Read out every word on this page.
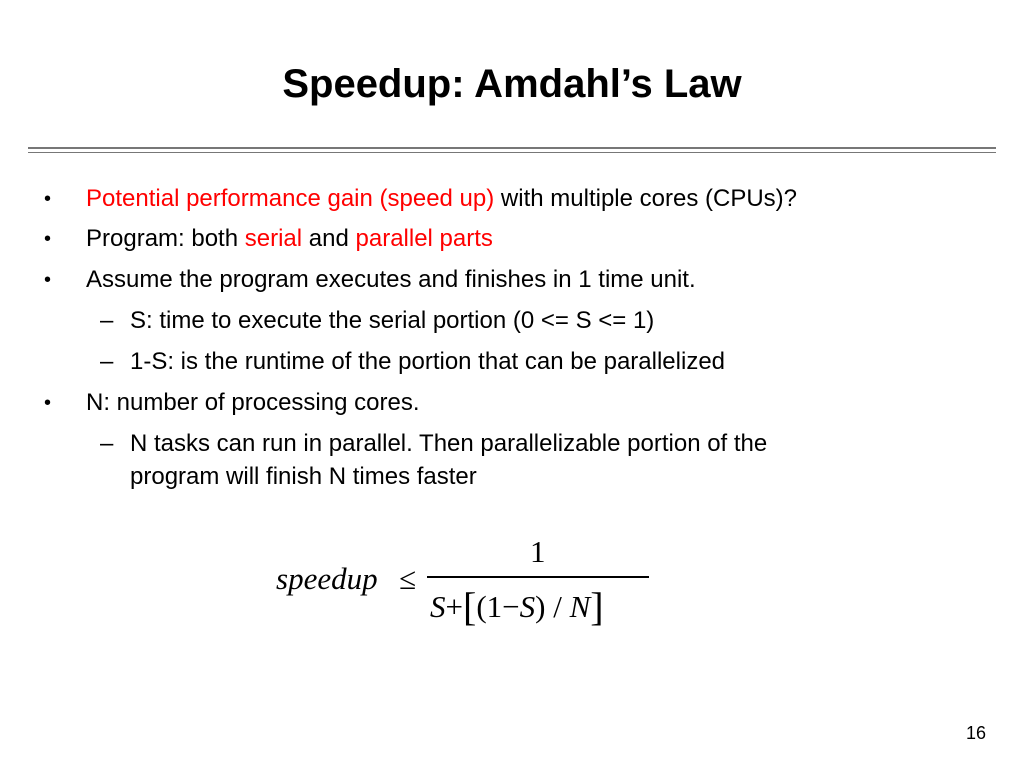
Speedup: Amdahl’s Law
• Potential performance gain (speed up) with multiple cores (CPUs)?
• Program: both serial and parallel parts
• Assume the program executes and finishes in 1 time unit.
– S: time to execute the serial portion (0 <= S <= 1)
– 1-S: is the runtime of the portion that can be parallelized
• N: number of processing cores.
– N tasks can run in parallel. Then parallelizable portion of the
program will finish N times faster
speedup ≤
1
S+[(1−S) / N]
16
